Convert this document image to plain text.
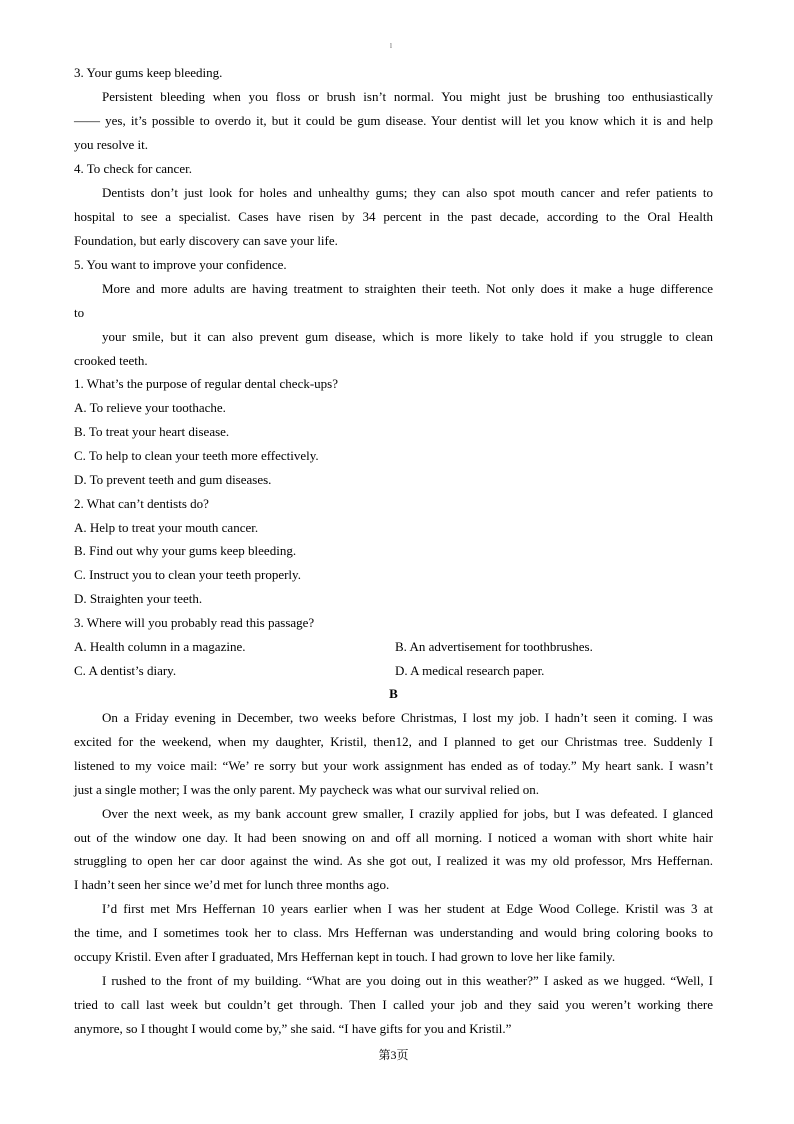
l
3. Your gums keep bleeding.
Persistent bleeding when you floss or brush isn’t normal. You might just be brushing too enthusiastically
—— yes, it’s possible to overdo it, but it could be gum disease. Your dentist will let you know which it is and help
you resolve it.
4. To check for cancer.
Dentists don’t just look for holes and unhealthy gums; they can also spot mouth cancer and refer patients to
hospital to see a specialist. Cases have risen by 34 percent in the past decade, according to the Oral Health
Foundation, but early discovery can save your life.
5. You want to improve your confidence.
More and more adults are having treatment to straighten their teeth. Not only does it make a huge difference
to
your smile, but it can also prevent gum disease, which is more likely to take hold if you struggle to clean
crooked teeth.
1. What’s the purpose of regular dental check-ups?
A. To relieve your toothache.
B. To treat your heart disease.
C. To help to clean your teeth more effectively.
D. To prevent teeth and gum diseases.
2. What can’t dentists do?
A. Help to treat your mouth cancer.
B. Find out why your gums keep bleeding.
C. Instruct you to clean your teeth properly.
D. Straighten your teeth.
3. Where will you probably read this passage?
A. Health column in a magazine.	B. An advertisement for toothbrushes.
C. A dentist’s diary.	D. A medical research paper.
B
On a Friday evening in December, two weeks before Christmas, I lost my job. I hadn’t seen it coming. I was
excited for the weekend, when my daughter, Kristil, then12, and I planned to get our Christmas tree. Suddenly I
listened to my voice mail: “We’ re sorry but your work assignment has ended as of today.” My heart sank. I wasn’t
just a single mother; I was the only parent. My paycheck was what our survival relied on.
Over the next week, as my bank account grew smaller, I crazily applied for jobs, but I was defeated. I glanced
out of the window one day. It had been snowing on and off all morning. I noticed a woman with short white hair
struggling to open her car door against the wind. As she got out, I realized it was my old professor, Mrs Heffernan.
I hadn’t seen her since we’d met for lunch three months ago.
I’d first met Mrs Heffernan 10 years earlier when I was her student at Edge Wood College. Kristil was 3 at
the time, and I sometimes took her to class. Mrs Heffernan was understanding and would bring coloring books to
occupy Kristil. Even after I graduated, Mrs Heffernan kept in touch. I had grown to love her like family.
I rushed to the front of my building. “What are you doing out in this weather?” I asked as we hugged. “Well, I
tried to call last week but couldn’t get through. Then I called your job and they said you weren’t working there
anymore, so I thought I would come by,” she said. “I have gifts for you and Kristil.”
第3页
